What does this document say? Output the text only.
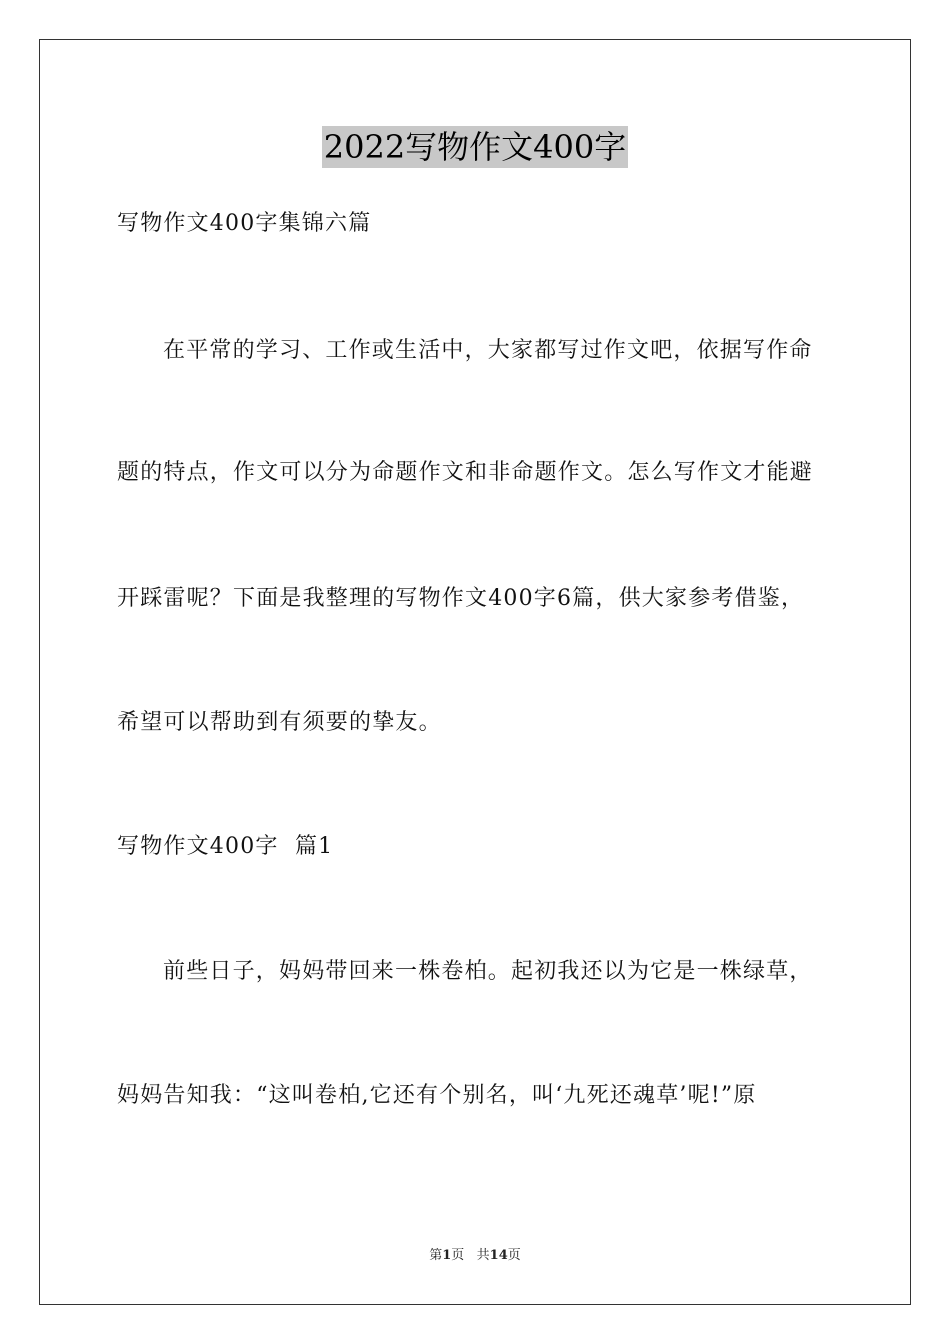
2022写物作文400字
写物作文400字集锦六篇
在平常的学习、工作或生活中，大家都写过作文吧，依据写作命
题的特点，作文可以分为命题作文和非命题作文。怎么写作文才能避
开踩雷呢？下面是我整理的写物作文400字6篇，供大家参考借鉴，
希望可以帮助到有须要的挚友。
写物作文400字  篇1
前些日子，妈妈带回来一株卷柏。起初我还以为它是一株绿草，
妈妈告知我：“这叫卷柏,它还有个别名，叫‘九死还魂草’呢!”原
第1页   共14页
